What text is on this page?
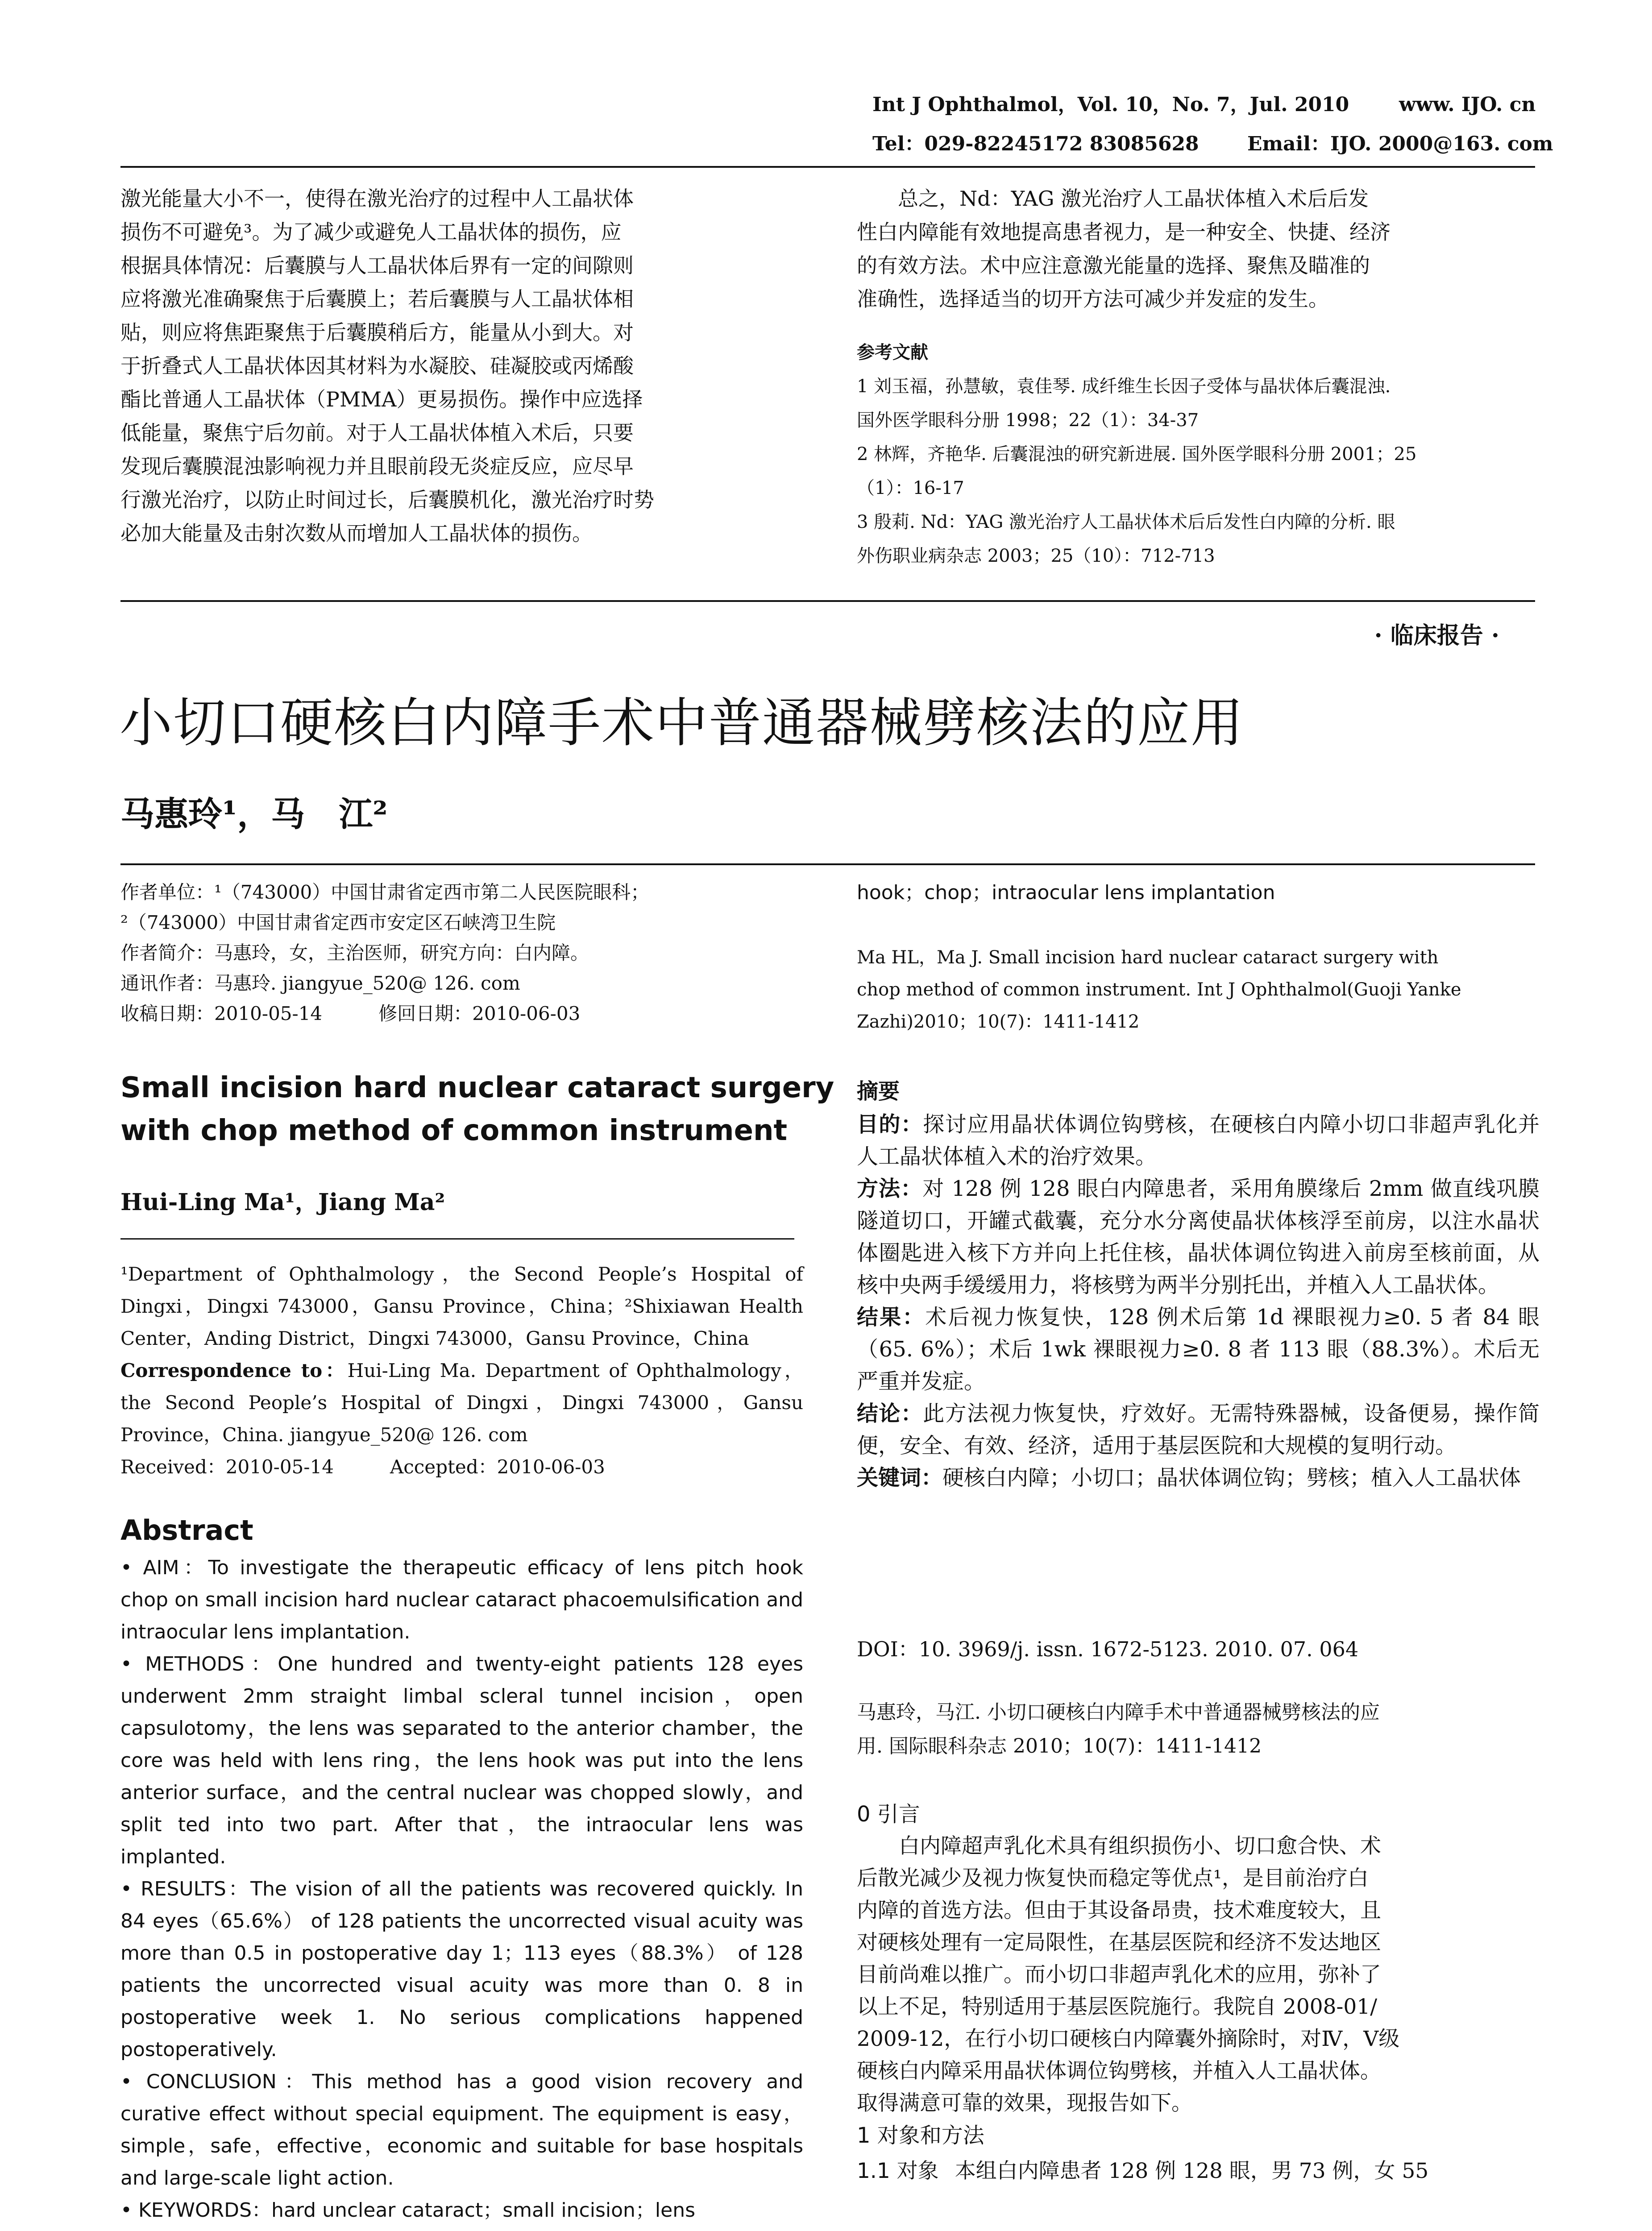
Int J Ophthalmol，Vol. 10，No. 7，Jul. 2010	www. IJO. cn
Tel：029-82245172 83085628 Email：IJO. 2000@163. com

激光能量大小不一，使得在激光治疗的过程中人工晶状体

损伤不可避免³。为了减少或避免人工晶状体的损伤，应

根据具体情况：后囊膜与人工晶状体后界有一定的间隙则

应将激光准确聚焦于后囊膜上；若后囊膜与人工晶状体相

贴，则应将焦距聚焦于后囊膜稍后方，能量从小到大。对

于折叠式人工晶状体因其材料为水凝胶、硅凝胶或丙烯酸

酯比普通人工晶状体（PMMA）更易损伤。操作中应选择

低能量，聚焦宁后勿前。对于人工晶状体植入术后，只要

发现后囊膜混浊影响视力并且眼前段无炎症反应，应尽早

行激光治疗，以防止时间过长，后囊膜机化，激光治疗时势

必加大能量及击射次数从而增加人工晶状体的损伤。

　　总之，Nd：YAG 激光治疗人工晶状体植入术后后发

性白内障能有效地提高患者视力，是一种安全、快捷、经济

的有效方法。术中应注意激光能量的选择、聚焦及瞄准的

准确性，选择适当的切开方法可减少并发症的发生。

参考文献

1 刘玉福，孙慧敏，袁佳琴. 成纤维生长因子受体与晶状体后囊混浊.

国外医学眼科分册 1998；22（1）：34-37

2 林辉，齐艳华. 后囊混浊的研究新进展. 国外医学眼科分册 2001；25

（1）：16-17

3 殷莉. Nd：YAG 激光治疗人工晶状体术后后发性白内障的分析. 眼

外伤职业病杂志 2003；25（10）：712-713

· 临床报告 ·
小切口硬核白内障手术中普通器械劈核法的应用
马惠玲¹，马　江²

作者单位：¹（743000）中国甘肃省定西市第二人民医院眼科；

²（743000）中国甘肃省定西市安定区石峡湾卫生院

作者简介：马惠玲，女，主治医师，研究方向：白内障。

通讯作者：马惠玲. jiangyue_520@ 126. com

收稿日期：2010-05-14　　　修回日期：2010-06-03

Small incision hard nuclear cataract surgery
with chop method of common instrument
Hui-Ling Ma¹，Jiang Ma²

¹Department of Ophthalmology，the Second People’s Hospital of Dingxi，Dingxi 743000，Gansu Province，China；²Shixiawan Health Center，Anding District，Dingxi 743000，Gansu Province，China

Correspondence to：Hui-Ling Ma. Department of Ophthalmology，the Second People’s Hospital of Dingxi，Dingxi 743000，Gansu Province，China. jiangyue_520@ 126. com

Received：2010-05-14　　　Accepted：2010-06-03

Abstract

• AIM：To investigate the therapeutic efficacy of lens pitch hook chop on small incision hard nuclear cataract phacoemulsification and intraocular lens implantation.

• METHODS：One hundred and twenty-eight patients 128 eyes underwent 2mm straight limbal scleral tunnel incision，open capsulotomy，the lens was separated to the anterior chamber，the core was held with lens ring，the lens hook was put into the lens anterior surface，and the central nuclear was chopped slowly，and split ted into two part. After that，the intraocular lens was implanted.

• RESULTS：The vision of all the patients was recovered quickly. In 84 eyes（65.6%） of 128 patients the uncorrected visual acuity was more than 0.5 in postoperative day 1；113 eyes（88.3%） of 128 patients the uncorrected visual acuity was more than 0. 8 in postoperative week 1. No serious complications happened postoperatively.

• CONCLUSION：This method has a good vision recovery and curative effect without special equipment. The equipment is easy，simple，safe，effective，economic and suitable for base hospitals and large-scale light action.

• KEYWORDS：hard unclear cataract；small incision；lens

hook；chop；intraocular lens implantation
Ma HL，Ma J. Small incision hard nuclear cataract surgery with
chop method of common instrument. Int J Ophthalmol(Guoji Yanke
Zazhi)2010；10(7)：1411-1412
摘要

目的：探讨应用晶状体调位钩劈核，在硬核白内障小切口非超声乳化并人工晶状体植入术的治疗效果。

方法：对 128 例 128 眼白内障患者，采用角膜缘后 2mm 做直线巩膜隧道切口，开罐式截囊，充分水分离使晶状体核浮至前房，以注水晶状体圈匙进入核下方并向上托住核，晶状体调位钩进入前房至核前面，从核中央两手缓缓用力，将核劈为两半分别托出，并植入人工晶状体。

结果：术后视力恢复快，128 例术后第 1d 裸眼视力≥0. 5 者 84 眼（65. 6%）；术后 1wk 裸眼视力≥0. 8 者 113 眼（88.3%）。术后无严重并发症。

结论：此方法视力恢复快，疗效好。无需特殊器械，设备便易，操作简便，安全、有效、经济，适用于基层医院和大规模的复明行动。

关键词：硬核白内障；小切口；晶状体调位钩；劈核；植入人工晶状体

DOI：10. 3969/j. issn. 1672-5123. 2010. 07. 064
马惠玲，马江. 小切口硬核白内障手术中普通器械劈核法的应
用. 国际眼科杂志 2010；10(7)：1411-1412
0 引言

　　白内障超声乳化术具有组织损伤小、切口愈合快、术

后散光减少及视力恢复快而稳定等优点¹，是目前治疗白

内障的首选方法。但由于其设备昂贵，技术难度较大，且

对硬核处理有一定局限性，在基层医院和经济不发达地区

目前尚难以推广。而小切口非超声乳化术的应用，弥补了

以上不足，特别适用于基层医院施行。我院自 2008-01/

2009-12，在行小切口硬核白内障囊外摘除时，对Ⅳ，Ⅴ级

硬核白内障采用晶状体调位钩劈核，并植入人工晶状体。

取得满意可靠的效果，现报告如下。

1 对象和方法
1.1 对象 本组白内障患者 128 例 128 眼，男 73 例，女 55
